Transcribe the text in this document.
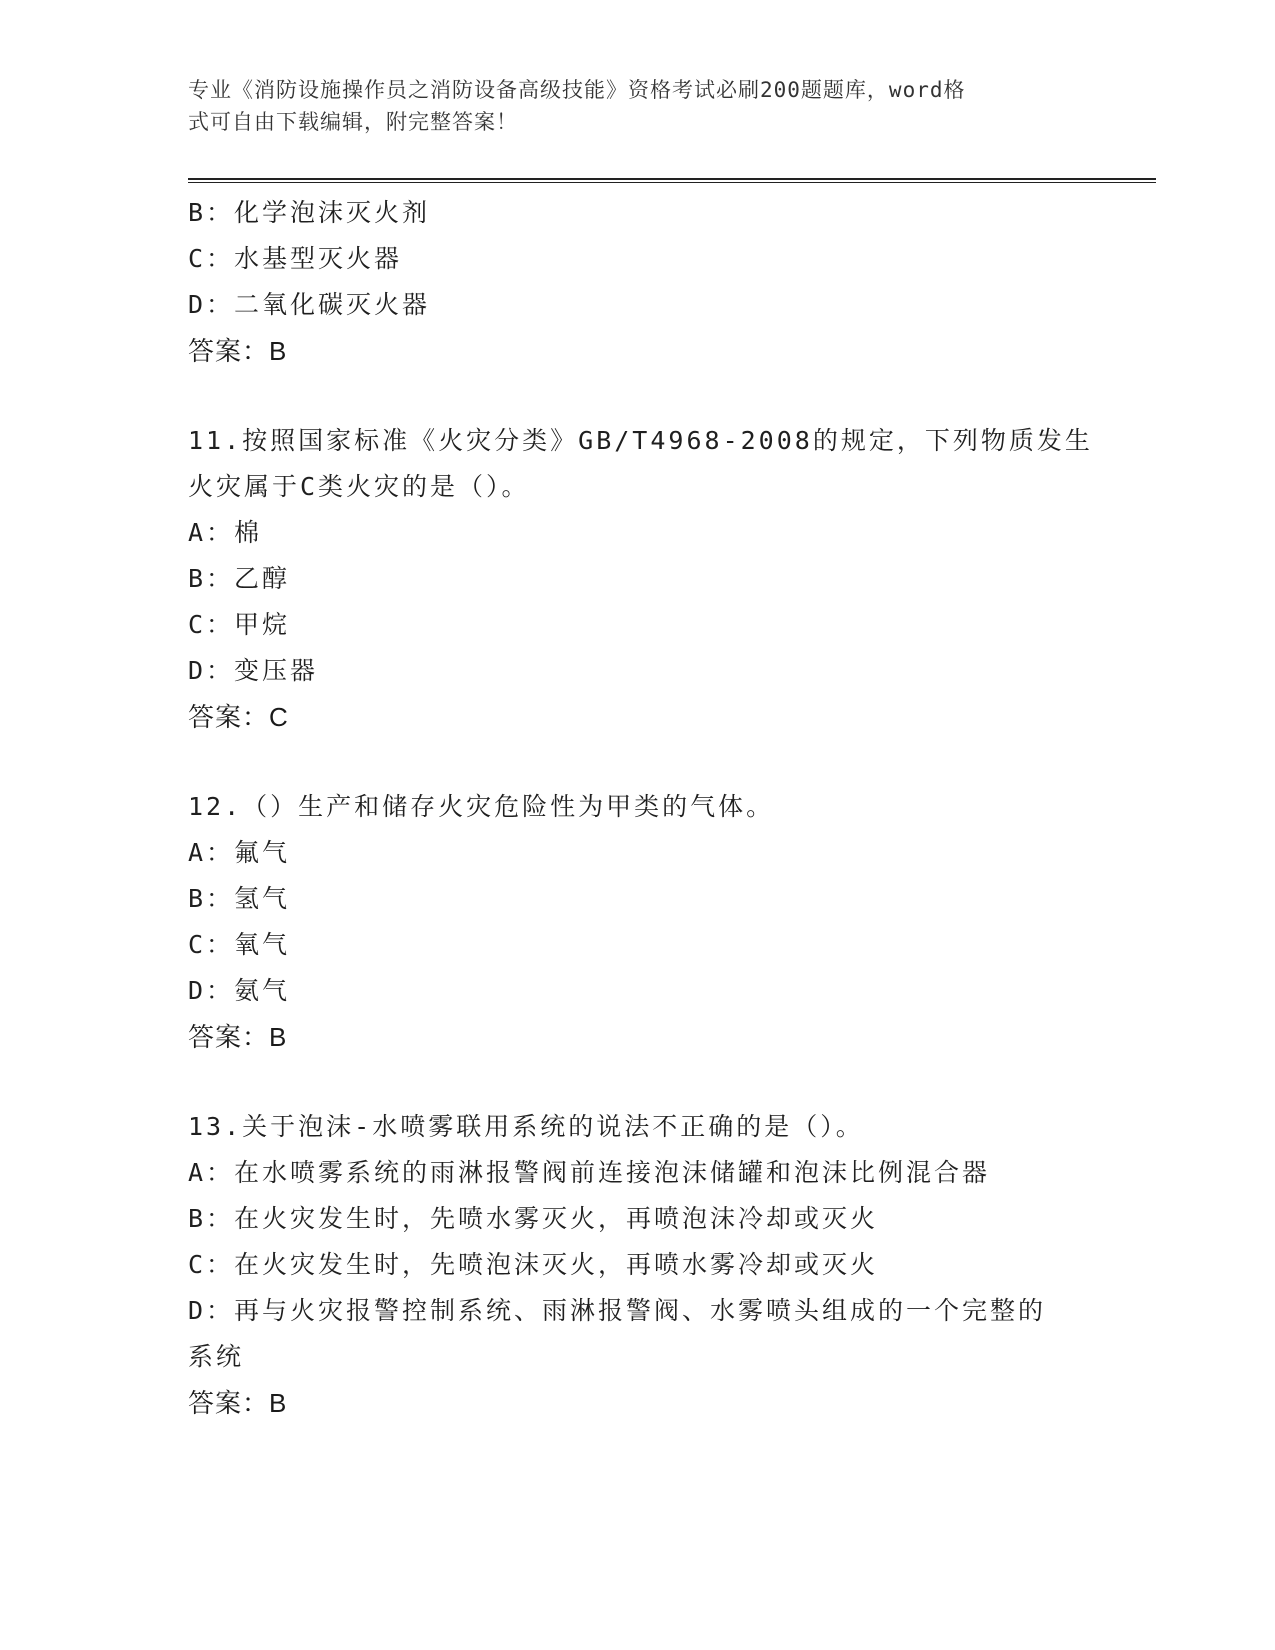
专业《消防设施操作员之消防设备高级技能》资格考试必刷200题题库，word格
式可自由下载编辑，附完整答案！
B：化学泡沫灭火剂
C：水基型灭火器
D：二氧化碳灭火器
答案：B
11.按照国家标准《火灾分类》GB/T4968-2008的规定，下列物质发生
火灾属于C类火灾的是（）。
A：棉
B：乙醇
C：甲烷
D：变压器
答案：C
12.（）生产和储存火灾危险性为甲类的气体。
A：氟气
B：氢气
C：氧气
D：氨气
答案：B
13.关于泡沫-水喷雾联用系统的说法不正确的是（）。
A：在水喷雾系统的雨淋报警阀前连接泡沫储罐和泡沫比例混合器
B：在火灾发生时，先喷水雾灭火，再喷泡沫冷却或灭火
C：在火灾发生时，先喷泡沫灭火，再喷水雾冷却或灭火
D：再与火灾报警控制系统、雨淋报警阀、水雾喷头组成的一个完整的
系统
答案：B
